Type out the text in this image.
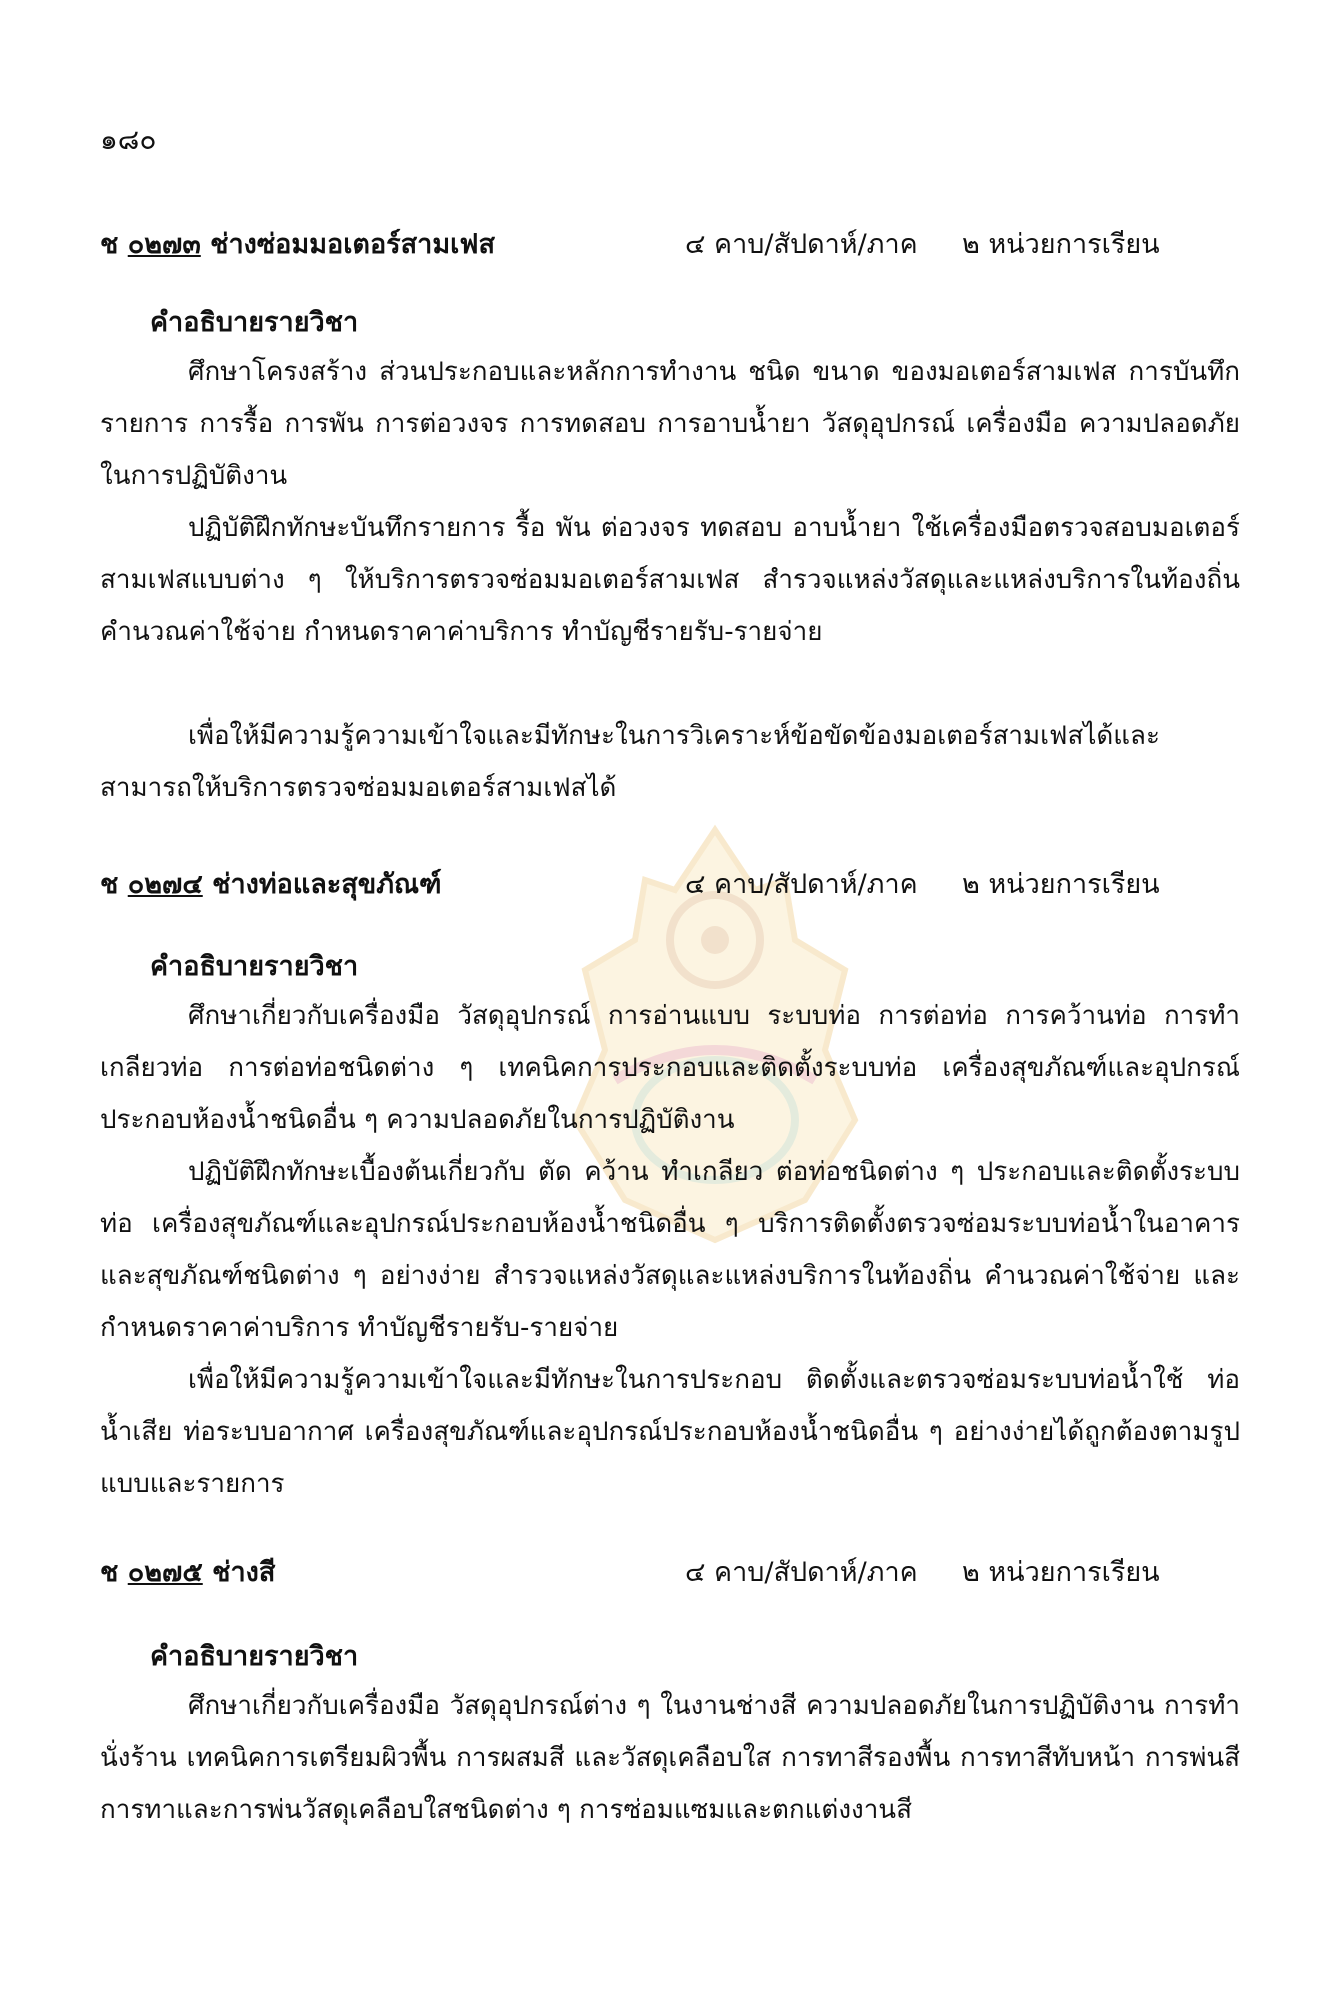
๑๘๐
ช ๐๒๗๓ ช่างซ่อมมอเตอร์สามเฟส	๔ คาบ/สัปดาห์/ภาค ๒ หน่วยการเรียน
คำอธิบายรายวิชา

ศึกษาโครงสร้าง ส่วนประกอบและหลักการทำงาน ชนิด ขนาด ของมอเตอร์สามเฟส การบันทึกรายการ การรื้อ การพัน การต่อวงจร การทดสอบ การอาบน้ำยา วัสดุอุปกรณ์ เครื่องมือ ความปลอดภัยในการปฏิบัติงาน

ปฏิบัติฝึกทักษะบันทึกรายการ รื้อ พัน ต่อวงจร ทดสอบ อาบน้ำยา ใช้เครื่องมือตรวจสอบมอเตอร์สามเฟสแบบต่าง ๆ ให้บริการตรวจซ่อมมอเตอร์สามเฟส สำรวจแหล่งวัสดุและแหล่งบริการในท้องถิ่น คำนวณค่าใช้จ่าย กำหนดราคาค่าบริการ ทำบัญชีรายรับ-รายจ่าย

เพื่อให้มีความรู้ความเข้าใจและมีทักษะในการวิเคราะห์ข้อขัดข้องมอเตอร์สามเฟสได้และสามารถให้บริการตรวจซ่อมมอเตอร์สามเฟสได้

ช ๐๒๗๔ ช่างท่อและสุขภัณฑ์	๔ คาบ/สัปดาห์/ภาค ๒ หน่วยการเรียน
คำอธิบายรายวิชา

ศึกษาเกี่ยวกับเครื่องมือ วัสดุอุปกรณ์ การอ่านแบบ ระบบท่อ การต่อท่อ การคว้านท่อ การทำเกลียวท่อ การต่อท่อชนิดต่าง ๆ เทคนิคการประกอบและติดตั้งระบบท่อ เครื่องสุขภัณฑ์และอุปกรณ์ประกอบห้องน้ำชนิดอื่น ๆ ความปลอดภัยในการปฏิบัติงาน

ปฏิบัติฝึกทักษะเบื้องต้นเกี่ยวกับ ตัด คว้าน ทำเกลียว ต่อท่อชนิดต่าง ๆ ประกอบและติดตั้งระบบท่อ เครื่องสุขภัณฑ์และอุปกรณ์ประกอบห้องน้ำชนิดอื่น ๆ บริการติดตั้งตรวจซ่อมระบบท่อน้ำในอาคารและสุขภัณฑ์ชนิดต่าง ๆ อย่างง่าย สำรวจแหล่งวัสดุและแหล่งบริการในท้องถิ่น คำนวณค่าใช้จ่าย และกำหนดราคาค่าบริการ ทำบัญชีรายรับ-รายจ่าย

เพื่อให้มีความรู้ความเข้าใจและมีทักษะในการประกอบ ติดตั้งและตรวจซ่อมระบบท่อน้ำใช้ ท่อน้ำเสีย ท่อระบบอากาศ เครื่องสุขภัณฑ์และอุปกรณ์ประกอบห้องน้ำชนิดอื่น ๆ อย่างง่ายได้ถูกต้องตามรูปแบบและรายการ

ช ๐๒๗๕ ช่างสี	๔ คาบ/สัปดาห์/ภาค ๒ หน่วยการเรียน
คำอธิบายรายวิชา

ศึกษาเกี่ยวกับเครื่องมือ วัสดุอุปกรณ์ต่าง ๆ ในงานช่างสี ความปลอดภัยในการปฏิบัติงาน การทำนั่งร้าน เทคนิคการเตรียมผิวพื้น การผสมสี และวัสดุเคลือบใส การทาสีรองพื้น การทาสีทับหน้า การพ่นสี การทาและการพ่นวัสดุเคลือบใสชนิดต่าง ๆ การซ่อมแซมและตกแต่งงานสี
